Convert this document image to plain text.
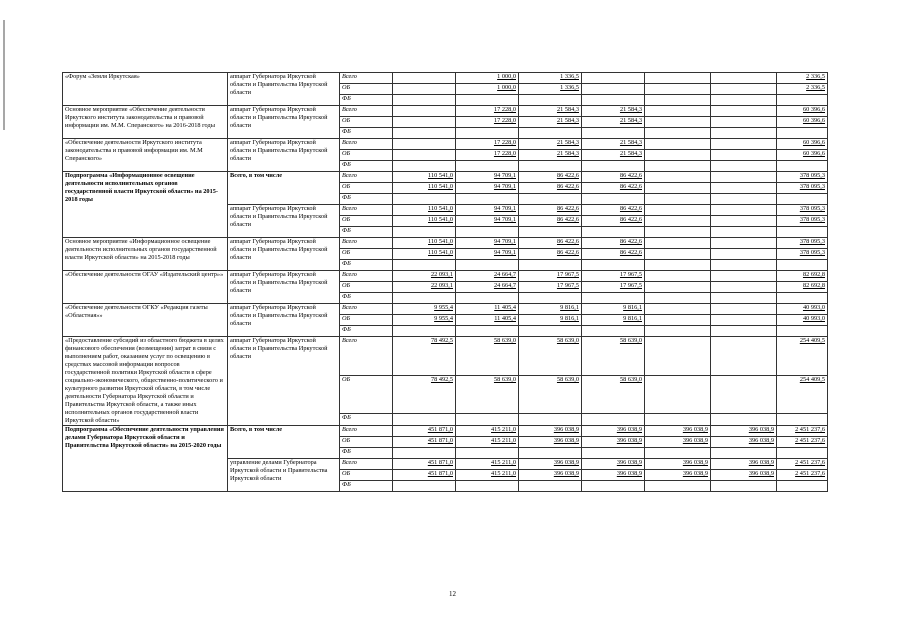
«Форум «Земля Иркутская»	аппарат Губернатора Иркутской области и Правительства Иркутской области	Всего		1 000,0	1 336,5				2 336,5
		ОБ		1 000,0	1 336,5				2 336,5
		ФБ							
Основное мероприятие «Обеспечение деятельности Иркутского института законодательства и правовой информации им. М.М. Сперанского» на 2016-2018 годы	аппарат Губернатора Иркутской области и Правительства Иркутской области	Всего		17 228,0	21 584,3	21 584,3			60 396,6
		ОБ		17 228,0	21 584,3	21 584,3			60 396,6
		ФБ							
«Обеспечение деятельности Иркутского института законодательства и правовой информации им. М.М Сперанского»	аппарат Губернатора Иркутской области и Правительства Иркутской области	Всего		17 228,0	21 584,3	21 584,3			60 396,6
		ОБ		17 228,0	21 584,3	21 584,3			60 396,6
		ФБ							
Подпрограмма «Информационное освещение деятельности исполнительных органов государственной власти Иркутской области» на 2015-2018 годы	Всего, в том числе	Всего	110 541,0	94 709,1	86 422,6	86 422,6			378 095,3
		ОБ	110 541,0	94 709,1	86 422,6	86 422,6			378 095,3
		ФБ							
	аппарат Губернатора Иркутской области и Правительства Иркутской области	Всего	110 541,0	94 709,1	86 422,6	86 422,6			378 095,3
		ОБ	110 541,0	94 709,1	86 422,6	86 422,6			378 095,3
		ФБ							
Основное мероприятие «Информационное освещение деятельности исполнительных органов государственной власти Иркутской области» на 2015-2018 годы	аппарат Губернатора Иркутской области и Правительства Иркутской области	Всего	110 541,0	94 709,1	86 422,6	86 422,6			378 095,3
		ОБ	110 541,0	94 709,1	86 422,6	86 422,6			378 095,3
		ФБ							
«Обеспечение деятельности ОГАУ «Издательский центр»»	аппарат Губернатора Иркутской области и Правительства Иркутской области	Всего	22 093,1	24 664,7	17 967,5	17 967,5			82 692,8
		ОБ	22 093,1	24 664,7	17 967,5	17 967,5			82 692,8
		ФБ							
«Обеспечение деятельности ОГКУ «Редакция газеты «Областная»»	аппарат Губернатора Иркутской области и Правительства Иркутской области	Всего	9 955,4	11 405,4	9 816,1	9 816,1			40 993,0
		ОБ	9 955,4	11 405,4	9 816,1	9 816,1			40 993,0
		ФБ							
«Предоставление субсидий из областного бюджета в целях финансового обеспечения (возмещения) затрат в связи с выполнением работ, оказанием услуг по освещению в средствах массовой информации вопросов государственной политики Иркутской области в сфере социально-экономического, общественно-политического и культурного развития Иркутской области, в том числе деятельности Губернатора Иркутской области и Правительства Иркутской области, а также иных исполнительных органов государственной власти Иркутской области»	аппарат Губернатора Иркутской области и Правительства Иркутской области	Всего	78 492,5	58 639,0	58 639,0	58 639,0			254 409,5
		ОБ	78 492,5	58 639,0	58 639,0	58 639,0			254 409,5
		ФБ							
Подпрограмма «Обеспечение деятельности управления делами Губернатора Иркутской области и Правительства Иркутской области» на 2015-2020 годы	Всего, в том числе	Всего	451 871,0	415 211,0	396 038,9	396 038,9	396 038,9	396 038,9	2 451 237,6
		ОБ	451 871,0	415 211,0	396 038,9	396 038,9	396 038,9	396 038,9	2 451 237,6
		ФБ							
	управление делами Губернатора Иркутской области и Правительства Иркутской области	Всего	451 871,0	415 211,0	396 038,9	396 038,9	396 038,9	396 038,9	2 451 237,6
		ОБ	451 871,0	415 211,0	396 038,9	396 038,9	396 038,9	396 038,9	2 451 237,6
		ФБ							
12
